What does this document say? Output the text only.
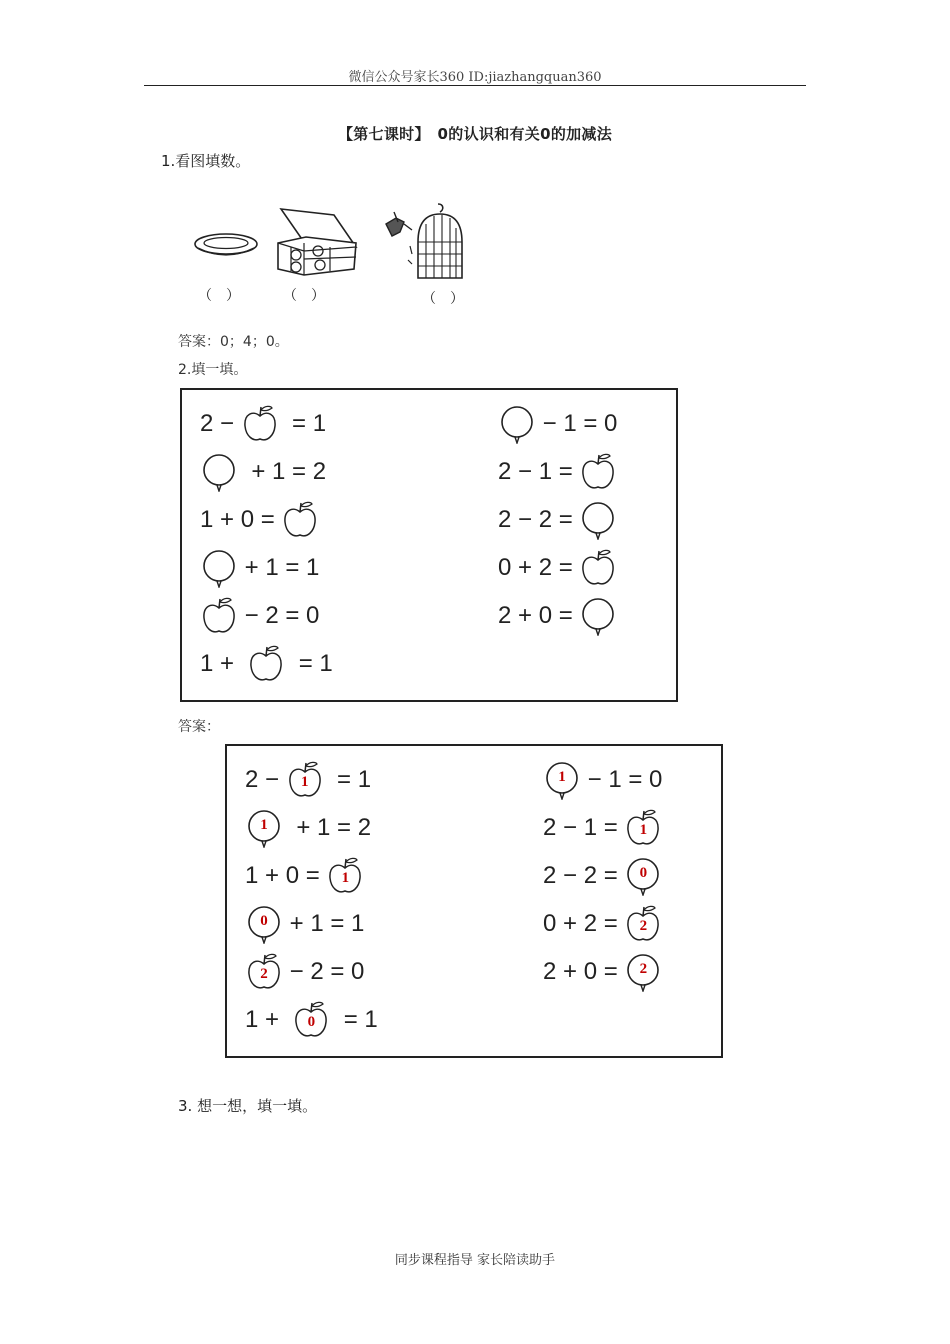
微信公众号家长360 ID:jiazhangquan360
【第七课时】　0的认识和有关0的加减法
1.看图填数。
（　）	（　）	（　）
答案：0；4；0。
2.填一填。
2 − = 1
+ 1 = 2
1 + 0 =
+ 1 = 1
− 2 = 0
1 + = 1
− 1 = 0
2 − 1 =
2 − 2 =
0 + 2 =
2 + 0 =
答案：
2 −	1 = 1
1 + 1 = 2
1 + 0 =	1
0 + 1 = 1
2 − 2 = 0
1 +	0 = 1
1 − 1 = 0
2 − 1 =	1
2 − 2 =	0
0 + 2 =	2
2 + 0 =	2
3. 想一想，填一填。
同步课程指导 家长陪读助手
